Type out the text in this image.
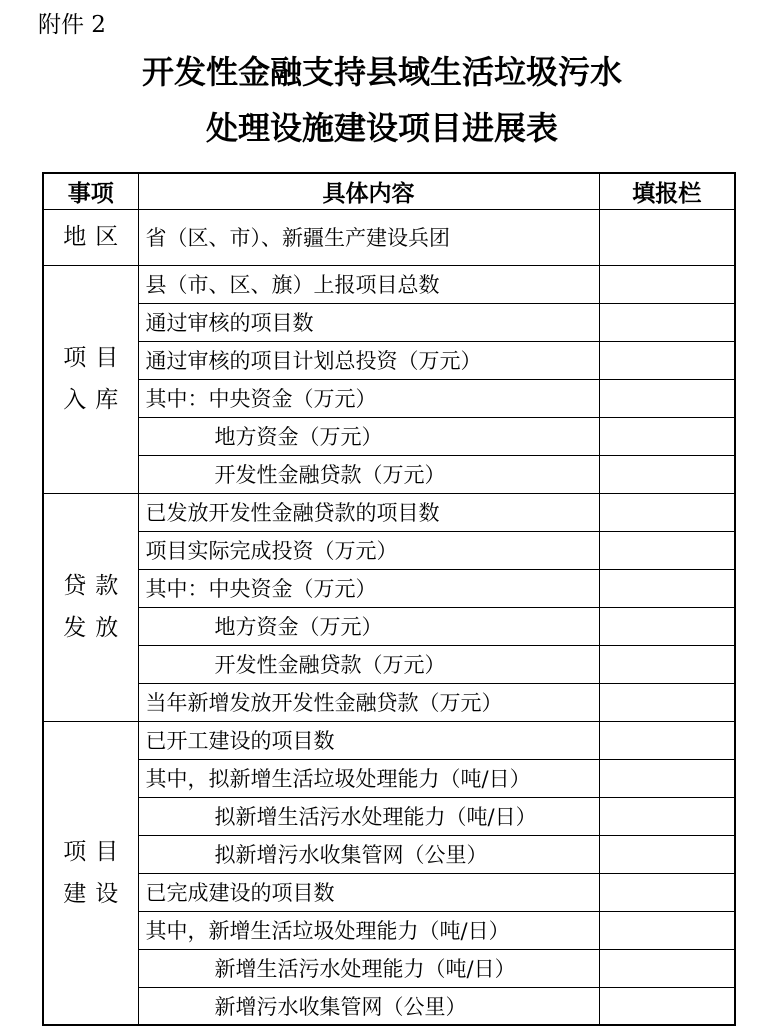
附件 2
开发性金融支持县域生活垃圾污水
处理设施建设项目进展表
事项	具体内容	填报栏

地区	省（区、市）、新疆生产建设兵团	

项目
入库	县（市、区、旗）上报项目总数	
	通过审核的项目数	
	通过审核的项目计划总投资（万元）	
	其中：中央资金（万元）	
	地方资金（万元）	
	开发性金融贷款（万元）	

贷款
发放	已发放开发性金融贷款的项目数	
	项目实际完成投资（万元）	
	其中：中央资金（万元）	
	地方资金（万元）	
	开发性金融贷款（万元）	
	当年新增发放开发性金融贷款（万元）	

项目
建设	已开工建设的项目数	
	其中，拟新增生活垃圾处理能力（吨/日）	
	拟新增生活污水处理能力（吨/日）	
	拟新增污水收集管网（公里）	
	已完成建设的项目数	
	其中，新增生活垃圾处理能力（吨/日）	
	新增生活污水处理能力（吨/日）	
	新增污水收集管网（公里）	
